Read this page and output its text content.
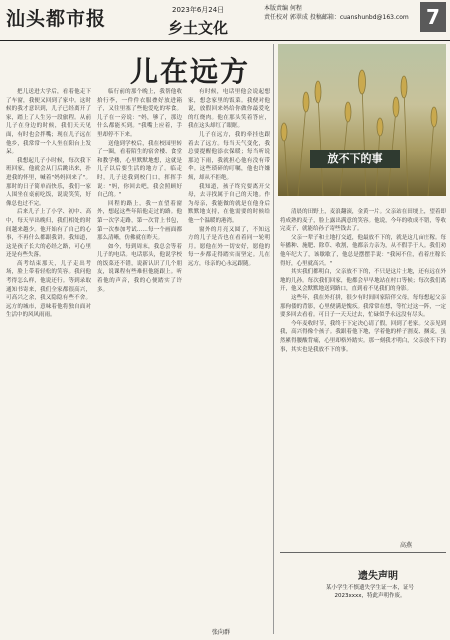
汕头都市报	2023年6月24日
乡土文化
本版责编 何程
责任校对 郭翠成 投稿邮箱：cuanshunbd@163.com 7
儿在远方

把儿送进大学后，看着他走下了车窗，我便又回到了家中。这时候的我才意识到，儿子已经离开了家，踏上了人生另一段旅程。从前儿子在身边的时候，我们天天见面，有时也会拌嘴；现在儿子远在他乡，我常常一个人坐在阳台上发呆。

我想起儿子小时候，每次我下班回家，他就会从门后跳出来，扑进我的怀里，喊着"妈妈回来了"。那时的日子简单而快乐，我们一家人围坐在桌前吃饭，说说笑笑，好像总也过不完。

后来儿子上了小学、初中、高中，每天早出晚归，我们相处的时间越来越少。他开始有了自己的心事，不再什么都跟我讲。我知道，这是孩子长大的必经之路，可心里还是有些失落。

高考结束那天，儿子走出考场，脸上带着轻松的笑容。我问他考得怎么样，他说还行。等到录取通知书寄来，我们全家都很高兴，可高兴之余，我又隐隐有些不舍。远方的城市，意味着他将独自面对生活中的风风雨雨。

临行前的那个晚上，我帮他收拾行李，一件件衣服叠好放进箱子，又往里塞了些他爱吃的零食。儿子在一旁说："妈，够了，那边什么都能买到。"我嘴上应着，手里却停不下来。

送他到学校后，我在校园里转了一圈，看着陌生的宿舍楼、食堂和教学楼，心里默默地想，这就是儿子以后要生活的地方了。临走时，儿子送我到校门口，挥挥手说："妈，你回去吧，我会照顾好自己的。"

回程的路上，我一直望着窗外，想起这些年陪他走过的路。他第一次学走路，第一次背上书包，第一次参加考试……每一个画面都那么清晰，仿佛就在昨天。

如今，每到周末，我总会等着儿子的电话。电话那头，他说学校的饭菜还不错，说新认识了几个朋友，说课程有些难但他能跟上。听着他的声音，我的心便踏实了许多。

有时候，电话里他会说起想家，想念家里的饭菜。我便对他说，放假回来妈给你做你最爱吃的红烧肉。他在那头笑着答应，我在这头却红了眼眶。

儿子在远方，我的牵挂也跟着去了远方。每当天气变化，我总要提醒他添衣保暖；每当听说那边下雨，我就担心他有没有带伞。这些琐碎的叮嘱，他也许嫌烦，却从不拒绝。

我知道，孩子终究要离开父母，去寻找属于自己的天地。作为母亲，我能做的就是在他身后默默地支持，在他需要的时候给他一个温暖的港湾。

窗外的月亮又圆了，不知远方的儿子是否也在看着同一轮明月。愿他在外一切安好，愿他的每一步都走得踏实而坚定。儿在远方，母亲的心永远跟随。

放不下的事

清晨的田野上，麦浪翻滚，金黄一片。父亲站在田埂上，望着即将成熟的麦子，脸上露出满意的笑容。他说，今年的收成不错，等收完麦子，就能给孙子寄些钱去了。

父亲一辈子和土地打交道，他最放不下的，就是这几亩庄稼。每年播种、施肥、除草、收割，他都亲力亲为，从不假手于人。我们劝他年纪大了，该歇歇了，他总是摆摆手说："我闲不住，看着庄稼长得好，心里就高兴。"

其实我们都明白，父亲放不下的，不只是这片土地，还有远在外地的儿孙。每次我们回家，他都会早早地站在村口等候；每次我们离开，他又会默默地送到路口，直到看不见我们的身影。

这些年，我在外打拼，很少有时间回家陪伴父母。每每想起父亲那佝偻的背影，心里便满是愧疚。我常常在想，等忙过这一阵，一定要多回去看看。可日子一天天过去，忙碌似乎永远没有尽头。

今年麦收时节，我终于下定决心请了假，回到了老家。父亲见到我，高兴得像个孩子。我跟着他下地，学着他的样子割麦、捆麦，虽然累得腰酸背痛，心里却格外踏实。那一刻我才明白，父亲放不下的事，其实也是我放不下的事。

高燕
遗失声明
某小学生不慎遗失学生证一本，证号2023xxxx，特此声明作废。
张向群
